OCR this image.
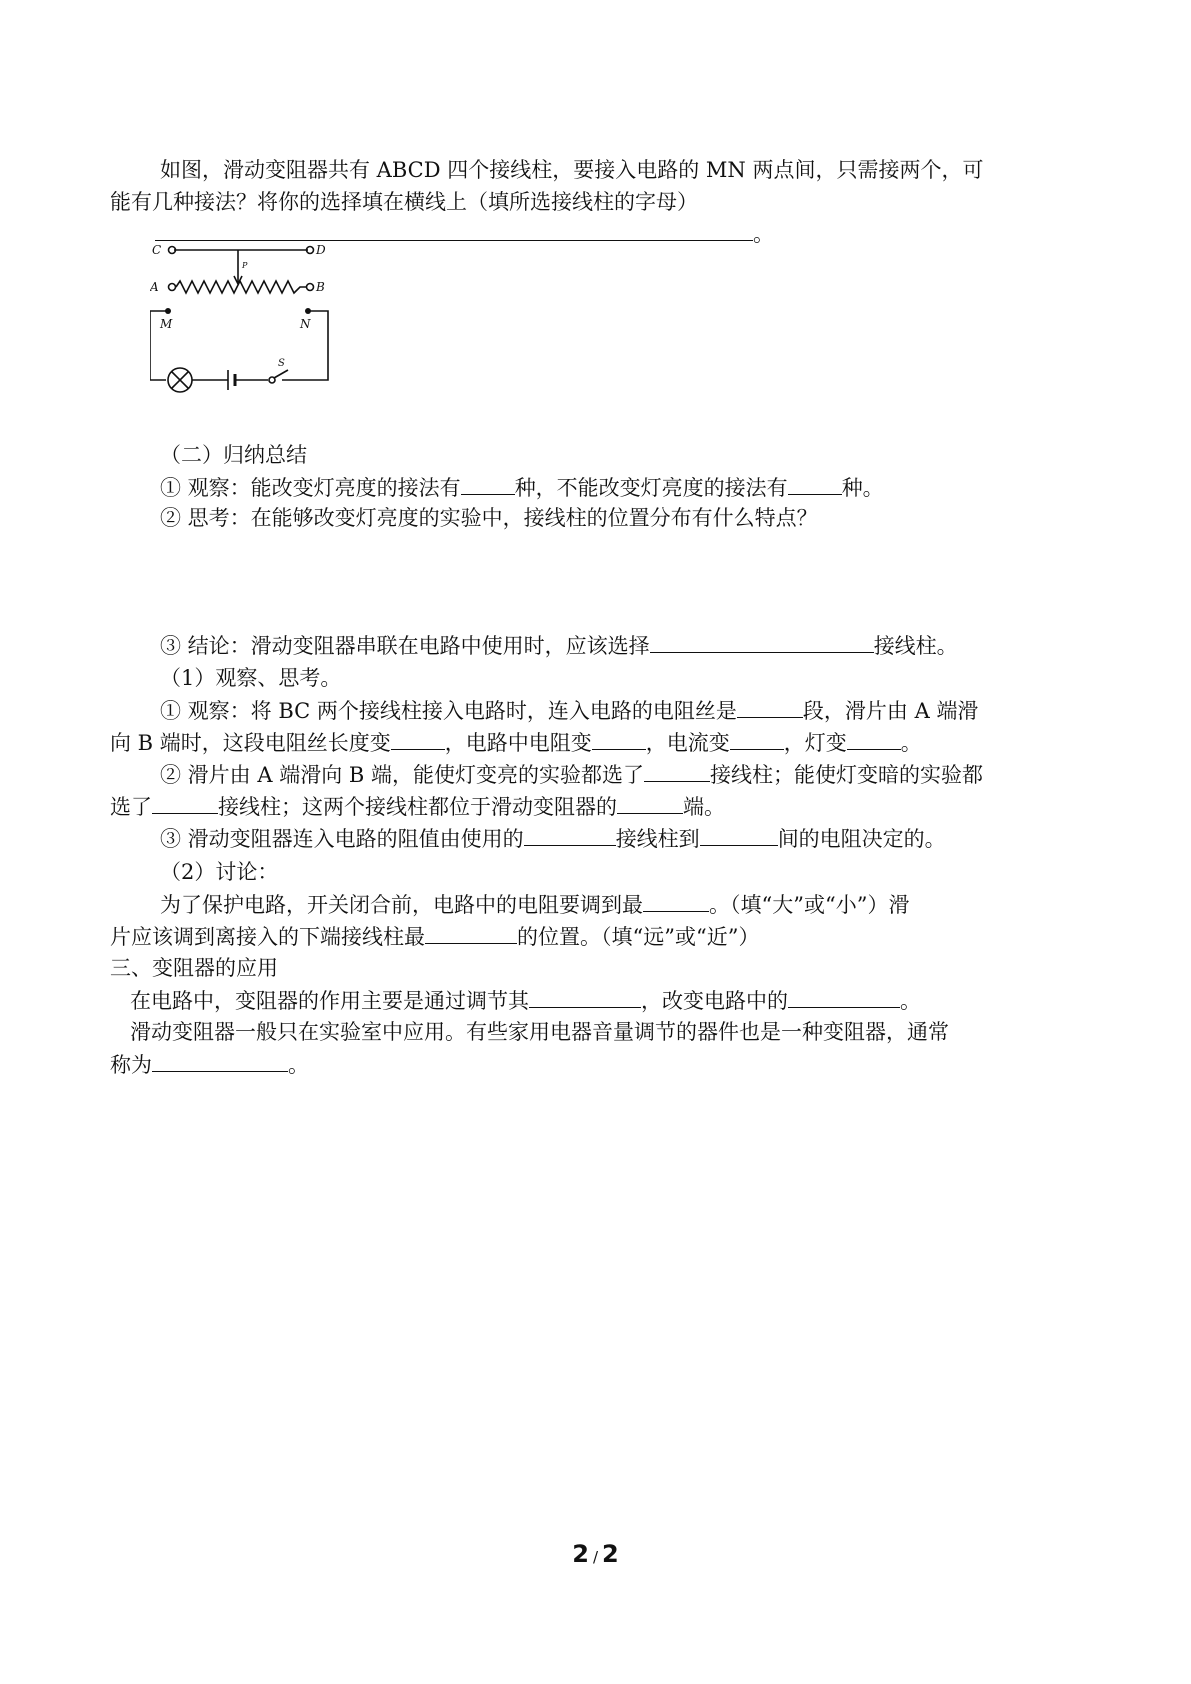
如图，滑动变阻器共有 ABCD 四个接线柱，要接入电路的 MN 两点间，只需接两个，可
能有几种接法？将你的选择填在横线上（填所选接线柱的字母）
。
C	D
P
A	B
M	N
S
（二）归纳总结
① 观察：能改变灯亮度的接法有	种，不能改变灯亮度的接法有	种。
② 思考：在能够改变灯亮度的实验中，接线柱的位置分布有什么特点？
③ 结论：滑动变阻器串联在电路中使用时，应该选择	接线柱。
（1）观察、思考。
① 观察：将 BC 两个接线柱接入电路时，连入电路的电阻丝是	段，滑片由 A 端滑
向 B 端时，这段电阻丝长度变	，电路中电阻变	，电流变	，灯变	。
② 滑片由 A 端滑向 B 端，能使灯变亮的实验都选了	接线柱；能使灯变暗的实验都
选了	接线柱；这两个接线柱都位于滑动变阻器的	端。
③ 滑动变阻器连入电路的阻值由使用的	接线柱到	间的电阻决定的。
（2）讨论：
为了保护电路，开关闭合前，电路中的电阻要调到最	。（填“大”或“小”）滑
片应该调到离接入的下端接线柱最	的位置。（填“远”或“近”）
三、变阻器的应用
在电路中，变阻器的作用主要是通过调节其	，改变电路中的	。
滑动变阻器一般只在实验室中应用。有些家用电器音量调节的器件也是一种变阻器，通常
称为	。
2 / 2
